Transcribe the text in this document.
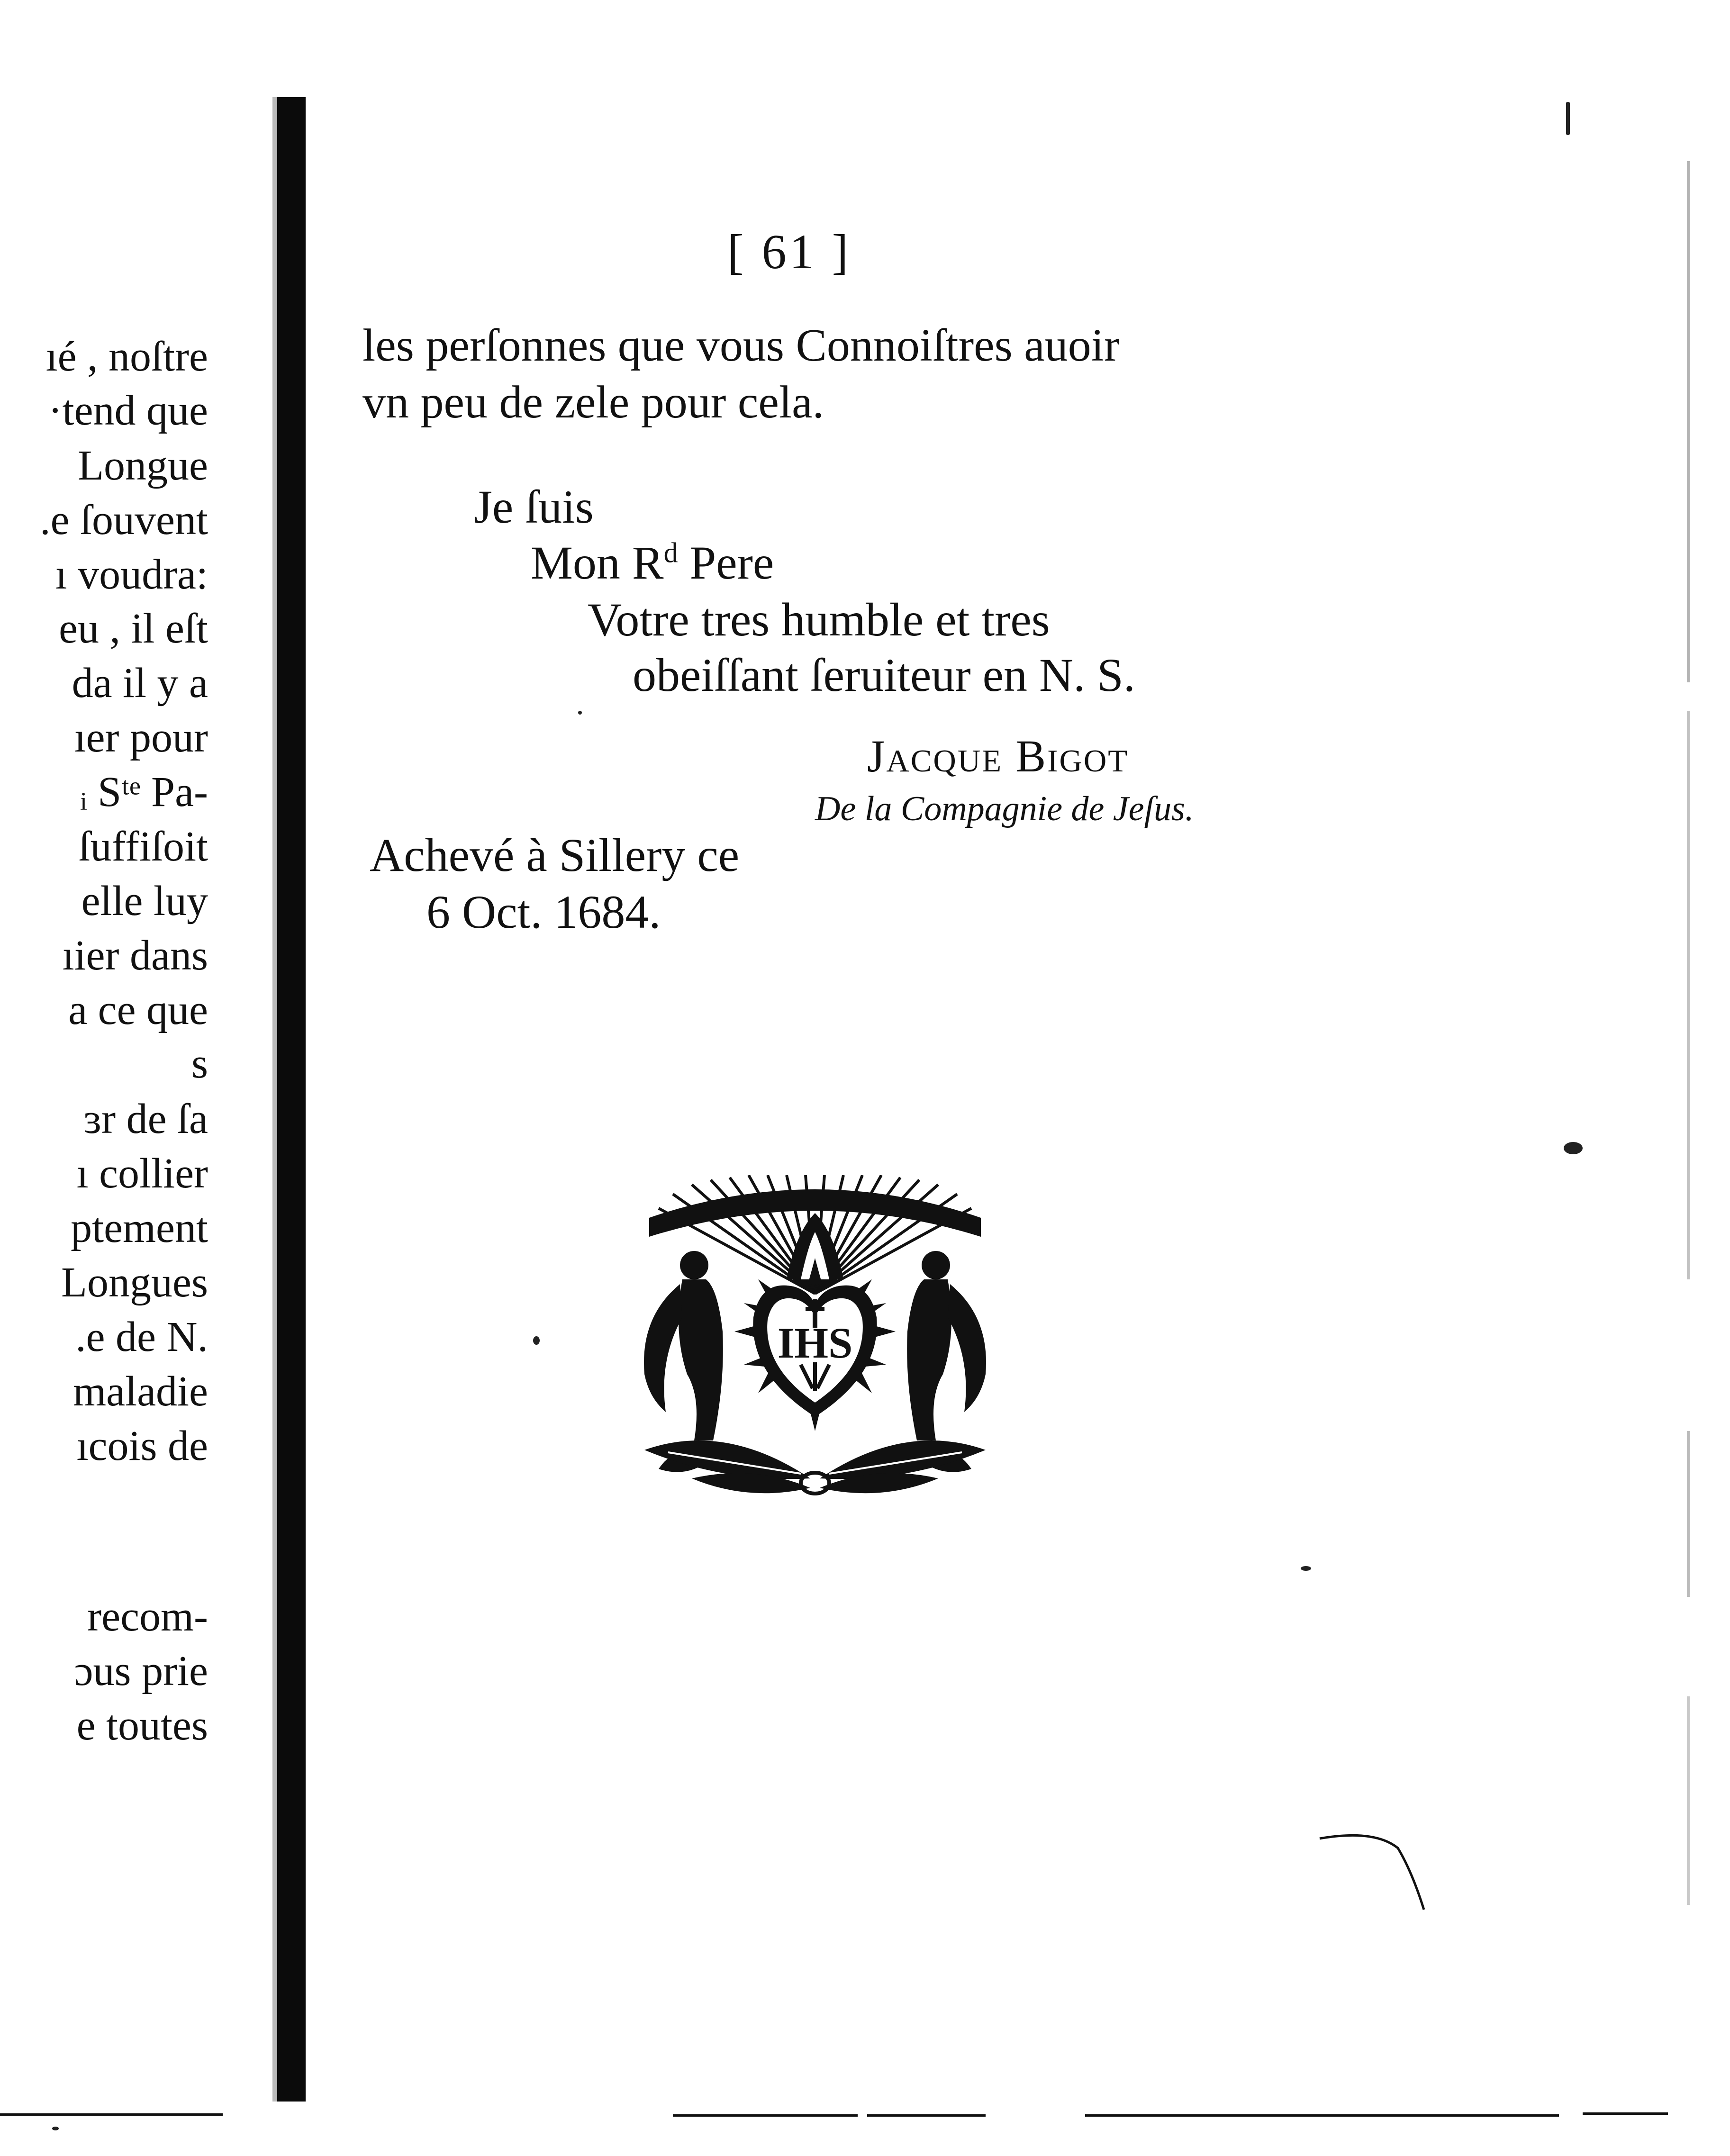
ıé , noſtre
·tend que
Longue
.e ſouvent
ı voudra:
eu , il eſt
da il y a
ıer pour
ᵢ Sᵗᵉ Pa-
ſuffiſoit
elle luy
ıier dans
a ce que
s
ɜr de ſa
ı collier
ptement
Longues
.e de N.
maladie
ıcois de
recom-
ɔus prie
e toutes
[ 61 ]
les perſonnes que vous Connoiſtres auoir
vn peu de zele pour cela.
Je ſuis
Mon $R^d$ Pere
Votre tres humble et tres
obeiſſant ſeruiteur en N. S.
Jacque Bigot
De la Compagnie de Jeſus.
Achevé à Sillery ce
6 Oct. 1684.
IHS
